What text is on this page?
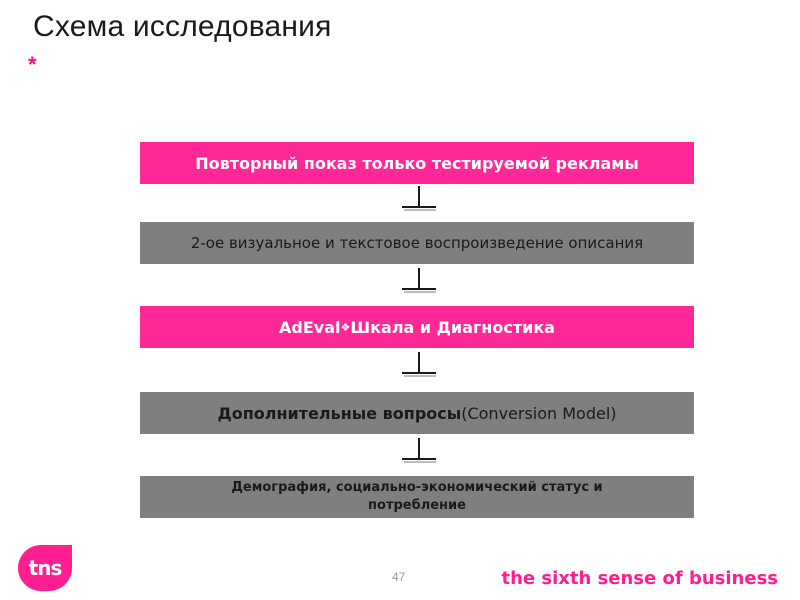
Схема исследования
*
Повторный показ только тестируемой рекламы
2-ое визуальное и текстовое воспроизведение описания
AdEval ❖ Шкала и Диагностика
Дополнительные вопросы (Conversion Model)
Демография, социально-экономический статус и потребление
tns	47	the sixth sense of business
